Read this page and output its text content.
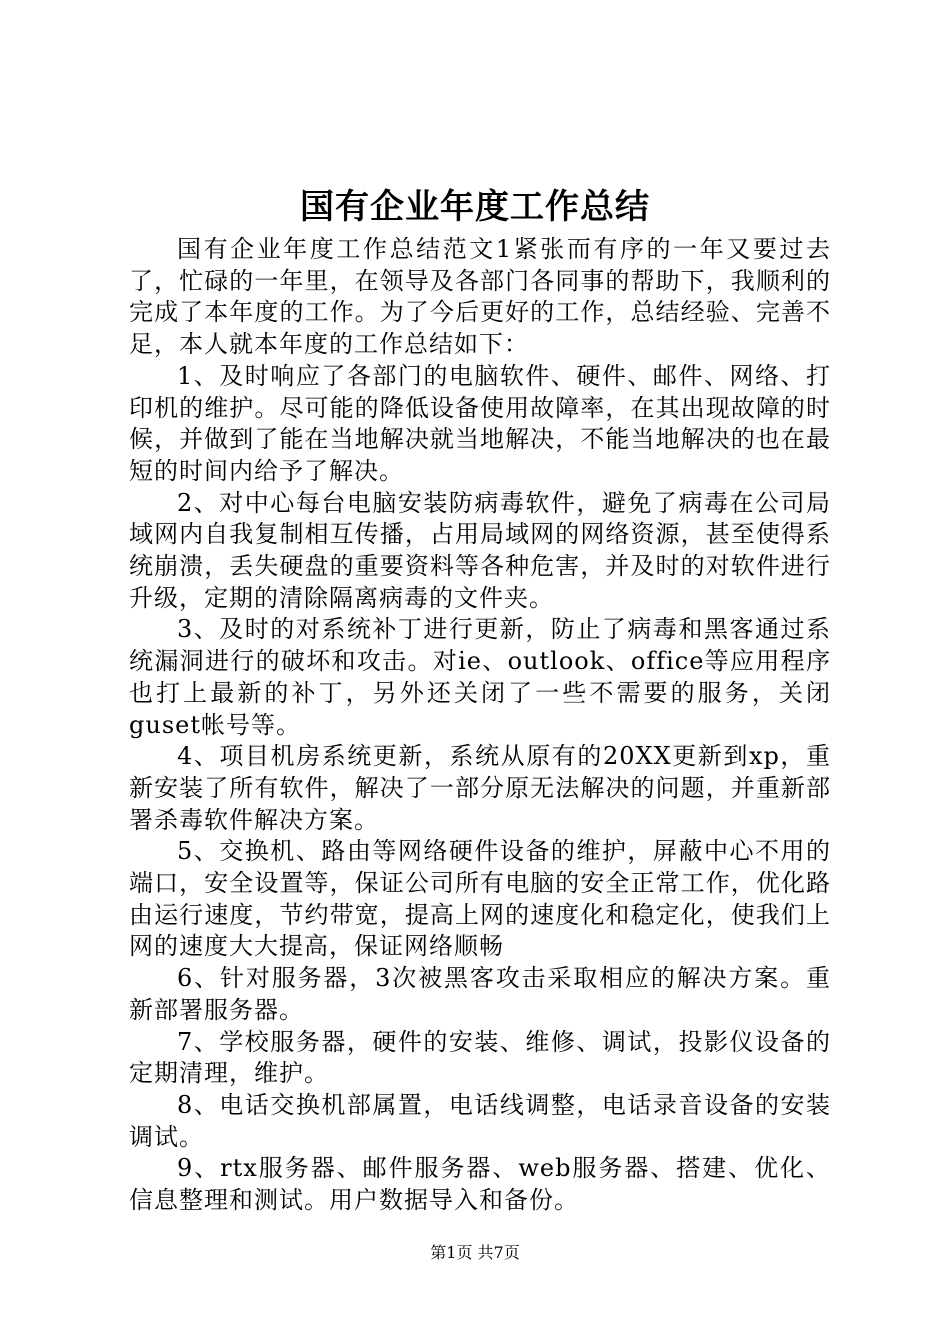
国有企业年度工作总结

国有企业年度工作总结范文1紧张而有序的一年又要过去了，忙碌的一年里，在领导及各部门各同事的帮助下，我顺利的完成了本年度的工作。为了今后更好的工作，总结经验、完善不足，本人就本年度的工作总结如下：

1、及时响应了各部门的电脑软件、硬件、邮件、网络、打印机的维护。尽可能的降低设备使用故障率，在其出现故障的时候，并做到了能在当地解决就当地解决，不能当地解决的也在最短的时间内给予了解决。

2、对中心每台电脑安装防病毒软件，避免了病毒在公司局域网内自我复制相互传播，占用局域网的网络资源，甚至使得系统崩溃，丢失硬盘的重要资料等各种危害，并及时的对软件进行升级，定期的清除隔离病毒的文件夹。

3、及时的对系统补丁进行更新，防止了病毒和黑客通过系统漏洞进行的破坏和攻击。对ie、outlook、office等应用程序也打上最新的补丁，另外还关闭了一些不需要的服务，关闭guset帐号等。

4、项目机房系统更新，系统从原有的20XX更新到xp，重新安装了所有软件，解决了一部分原无法解决的问题，并重新部署杀毒软件解决方案。

5、交换机、路由等网络硬件设备的维护，屏蔽中心不用的端口，安全设置等，保证公司所有电脑的安全正常工作，优化路由运行速度，节约带宽，提高上网的速度化和稳定化，使我们上网的速度大大提高，保证网络顺畅

6、针对服务器，3次被黑客攻击采取相应的解决方案。重新部署服务器。

7、学校服务器，硬件的安装、维修、调试，投影仪设备的定期清理，维护。

8、电话交换机部属置，电话线调整，电话录音设备的安装调试。

9、rtx服务器、邮件服务器、web服务器、搭建、优化、信息整理和测试。用户数据导入和备份。

第1页 共7页
